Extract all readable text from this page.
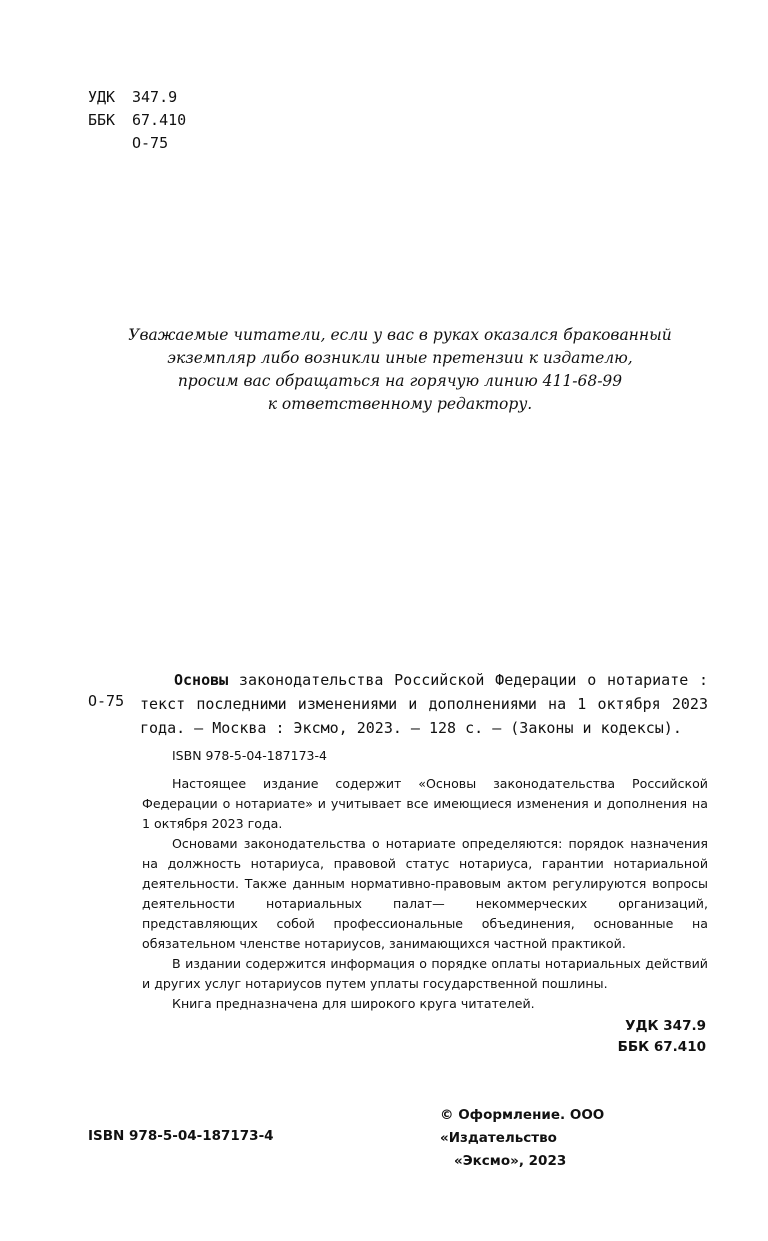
УДК 347.9
ББК 67.410
О-75
Уважаемые читатели, если у вас в руках оказался бракованный
экземпляр либо возникли иные претензии к издателю,
просим вас обращаться на горячую линию 411-68-99
к ответственному редактору.
О-75
Основы законодательства Российской Федерации о нотариате : текст последними изменениями и дополнениями на 1 октября 2023 года. — Москва : Эксмо, 2023. — 128 с. — (Законы и кодексы).
ISBN 978-5-04-187173-4

Настоящее издание содержит «Основы законодательства Российской Федерации о нотариате» и учитывает все имеющиеся изменения и дополнения на 1 октября 2023 года.

Основами законодательства о нотариате определяются: порядок назначения на должность нотариуса, правовой статус нотариуса, гарантии нотариальной деятельности. Также данным нормативно-правовым актом регулируются вопросы деятельности нотариальных палат— некоммерческих организаций, представляющих собой профессиональные объединения, основанные на обязательном членстве нотариусов, занимающихся частной практикой.

В издании содержится информация о порядке оплаты нотариальных действий и других услуг нотариусов путем уплаты государственной пошлины.

Книга предназначена для широкого круга читателей.

УДК 347.9
ББК 67.410
ISBN 978-5-04-187173-4
© Оформление. ООО «Издательство
«Эксмо», 2023
